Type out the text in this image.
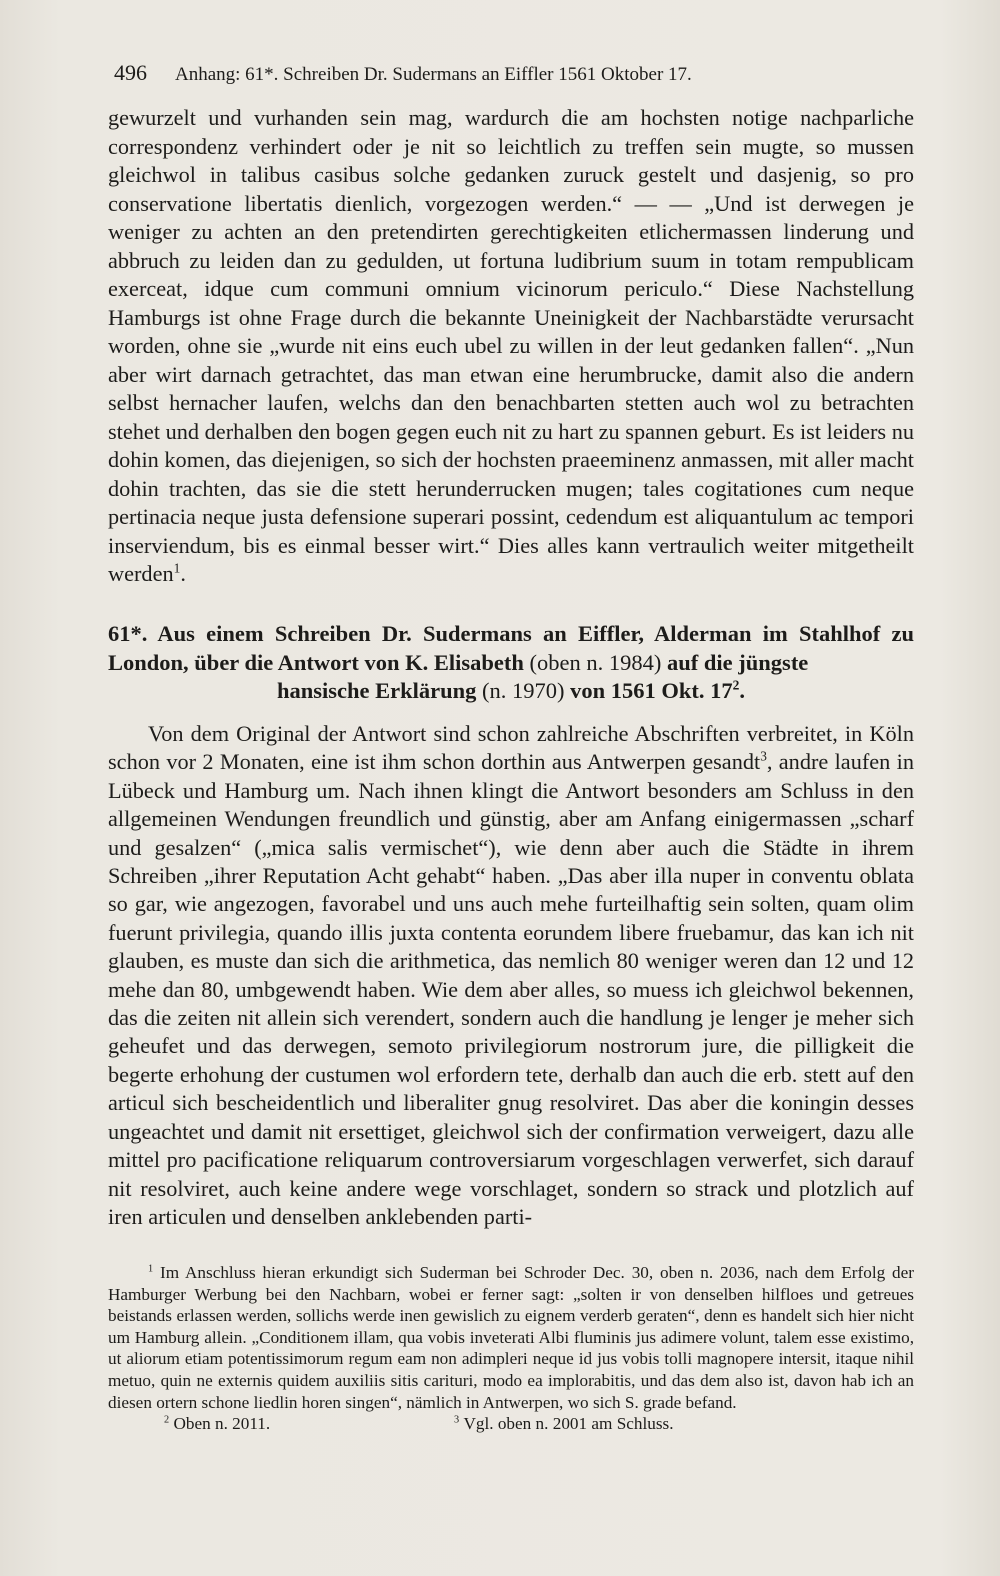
496 Anhang: 61*. Schreiben Dr. Sudermans an Eiffler 1561 Oktober 17.

gewurzelt und vurhanden sein mag, wardurch die am hochsten notige nachparliche correspondenz verhindert oder je nit so leichtlich zu treffen sein mugte, so mussen gleichwol in talibus casibus solche gedanken zuruck gestelt und dasjenig, so pro conservatione libertatis dienlich, vorgezogen werden.“ — — „Und ist derwegen je weniger zu achten an den pretendirten gerechtigkeiten etlichermassen linderung und abbruch zu leiden dan zu gedulden, ut fortuna ludibrium suum in totam rempublicam exerceat, idque cum communi omnium vicinorum periculo.“ Diese Nachstellung Hamburgs ist ohne Frage durch die bekannte Uneinigkeit der Nachbarstädte verursacht worden, ohne sie „wurde nit eins euch ubel zu willen in der leut gedanken fallen“. „Nun aber wirt darnach getrachtet, das man etwan eine herumbrucke, damit also die andern selbst hernacher laufen, welchs dan den benachbarten stetten auch wol zu betrachten stehet und derhalben den bogen gegen euch nit zu hart zu spannen geburt. Es ist leiders nu dohin komen, das diejenigen, so sich der hochsten praeeminenz anmassen, mit aller macht dohin trachten, das sie die stett herunderrucken mugen; tales cogitationes cum neque pertinacia neque justa defensione superari possint, cedendum est aliquantulum ac tempori inserviendum, bis es einmal besser wirt.“ Dies alles kann vertraulich weiter mitgetheilt werden$^1$.

61*. Aus einem Schreiben Dr. Sudermans an Eiffler, Alderman im Stahlhof zu London, über die Antwort von K. Elisabeth (oben n. 1984) auf die jüngste
hansische Erklärung (n. 1970) von 1561 Okt. $17^2$.

Von dem Original der Antwort sind schon zahlreiche Abschriften verbreitet, in Köln schon vor 2 Monaten, eine ist ihm schon dorthin aus Antwerpen gesandt$^3$, andre laufen in Lübeck und Hamburg um. Nach ihnen klingt die Antwort besonders am Schluss in den allgemeinen Wendungen freundlich und günstig, aber am Anfang einigermassen „scharf und gesalzen“ („mica salis vermischet“), wie denn aber auch die Städte in ihrem Schreiben „ihrer Reputation Acht gehabt“ haben. „Das aber illa nuper in conventu oblata so gar, wie angezogen, favorabel und uns auch mehe furteilhaftig sein solten, quam olim fuerunt privilegia, quando illis juxta contenta eorundem libere fruebamur, das kan ich nit glauben, es muste dan sich die arithmetica, das nemlich 80 weniger weren dan 12 und 12 mehe dan 80, umbgewendt haben. Wie dem aber alles, so muess ich gleichwol bekennen, das die zeiten nit allein sich verendert, sondern auch die handlung je lenger je meher sich geheufet und das derwegen, semoto privilegiorum nostrorum jure, die pilligkeit die begerte erhohung der custumen wol erfordern tete, derhalb dan auch die erb. stett auf den articul sich bescheidentlich und liberaliter gnug resolviret. Das aber die koningin desses ungeachtet und damit nit ersettiget, gleichwol sich der confirmation verweigert, dazu alle mittel pro pacificatione reliquarum controversiarum vorgeschlagen verwerfet, sich darauf nit resolviret, auch keine andere wege vorschlaget, sondern so strack und plotzlich auf iren articulen und denselben anklebenden parti-

$^1$ Im Anschluss hieran erkundigt sich Suderman bei Schroder Dec. 30, oben n. 2036, nach dem Erfolg der Hamburger Werbung bei den Nachbarn, wobei er ferner sagt: „solten ir von denselben hilfloes und getreues beistands erlassen werden, sollichs werde inen gewislich zu eignem verderb geraten“, denn es handelt sich hier nicht um Hamburg allein. „Conditionem illam, qua vobis inveterati Albi fluminis jus adimere volunt, talem esse existimo, ut aliorum etiam potentissimorum regum eam non adimpleri neque id jus vobis tolli magnopere intersit, itaque nihil metuo, quin ne externis quidem auxiliis sitis carituri, modo ea implorabitis, und das dem also ist, davon hab ich an diesen ortern schone liedlin horen singen“, nämlich in Antwerpen, wo sich S. grade befand.

$^2$ Oben n. 2011.	$^3$ Vgl. oben n. 2001 am Schluss.
